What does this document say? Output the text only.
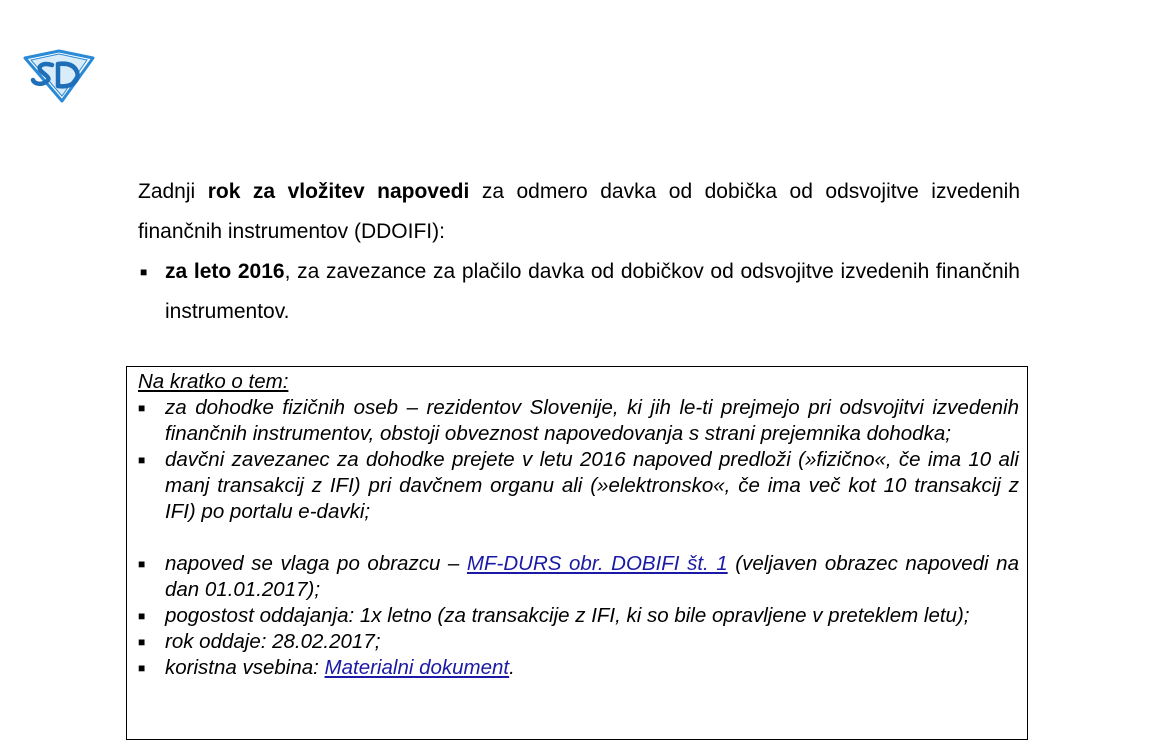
Zadnji rok za vložitev napovedi za odmero davka od dobička od odsvojitve izvedenih finančnih instrumentov (DDOIFI):

■ za leto 2016, za zavezance za plačilo davka od dobičkov od odsvojitve izvedenih finančnih instrumentov.
Na kratko o tem:
■ za dohodke fizičnih oseb – rezidentov Slovenije, ki jih le-ti prejmejo pri odsvojitvi izvedenih finančnih instrumentov, obstoji obveznost napovedovanja s strani prejemnika dohodka;
■ davčni zavezanec za dohodke prejete v letu 2016 napoved predloži (»fizično«, če ima 10 ali manj transakcij z IFI) pri davčnem organu ali (»elektronsko«, če ima več kot 10 transakcij z IFI) po portalu e-davki;
■ napoved se vlaga po obrazcu – MF-DURS obr. DOBIFI št. 1 (veljaven obrazec napovedi na dan 01.01.2017);
■ pogostost oddajanja: 1x letno (za transakcije z IFI, ki so bile opravljene v preteklem letu);
■ rok oddaje: 28.02.2017;
■ koristna vsebina: Materialni dokument.
